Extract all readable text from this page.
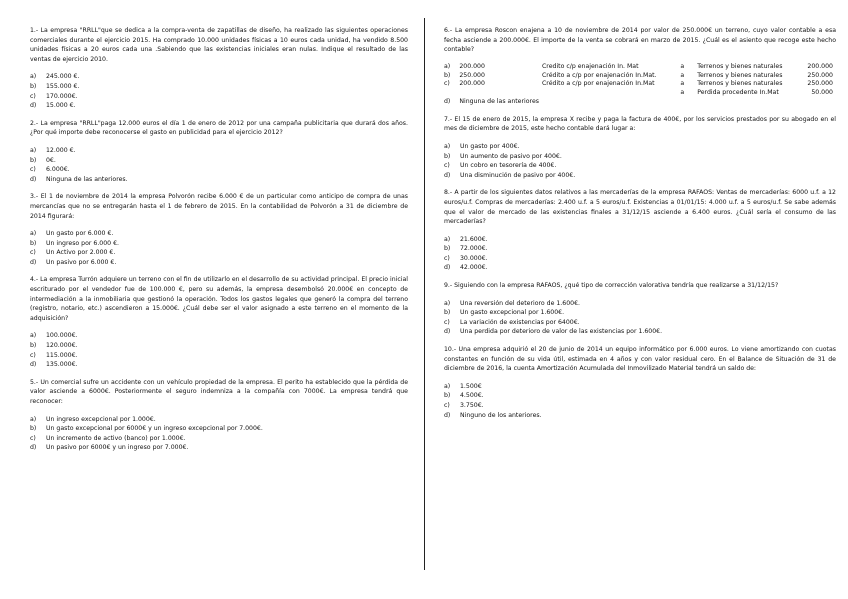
1.- La empresa "RRLL"que se dedica a la compra-venta de zapatillas de diseño, ha realizado las siguientes operaciones comerciales durante el ejercicio 2015. Ha comprado 10.000 unidades físicas a 10 euros cada unidad, ha vendido 8.500 unidades físicas a 20 euros cada una .Sabiendo que las existencias iniciales eran nulas. Indique el resultado de las ventas de ejercicio 2010.
a)	245.000 €.
b)	155.000 €.
c)	170.000€.
d)	15.000 €.
2.- La empresa "RRLL"paga 12.000 euros el día 1 de enero de 2012 por una campaña publicitaria que durará dos años. ¿Por qué importe debe reconocerse el gasto en publicidad para el ejercicio 2012?
a)	12.000 €.
b)	0€.
c)	6.000€.
d)	Ninguna de las anteriores.
3.- El 1 de noviembre de 2014 la empresa Polvorón recibe 6.000 € de un particular como anticipo de compra de unas mercancías que no se entregarán hasta el 1 de febrero de 2015. En la contabilidad de Polvorón a 31 de diciembre de 2014 figurará:
a)	Un gasto por 6.000 €.
b)	Un ingreso por 6.000 €.
c)	Un Activo por 2.000 €.
d)	Un pasivo por 6.000 €.
4.- La empresa Turrón adquiere un terreno con el fin de utilizarlo en el desarrollo de su actividad principal. El precio inicial escriturado por el vendedor fue de 100.000 €, pero su además, la empresa desembolsó 20.000€ en concepto de intermediación a la inmobiliaria que gestionó la operación. Todos los gastos legales que generó la compra del terreno (registro, notario, etc.) ascendieron a 15.000€. ¿Cuál debe ser el valor asignado a este terreno en el momento de la adquisición?
a)	100.000€.
b)	120.000€.
c)	115.000€.
d)	135.000€.
5.- Un comercial sufre un accidente con un vehículo propiedad de la empresa. El perito ha establecido que la pérdida de valor asciende a 6000€. Posteriormente el seguro indemniza a la compañía con 7000€. La empresa tendrá que reconocer:
a)	Un ingreso excepcional por 1.000€.
b)	Un gasto excepcional por 6000€ y un ingreso excepcional por 7.000€.
c)	Un incremento de activo (banco) por 1.000€.
d)	Un pasivo por 6000€ y un ingreso por 7.000€.
6.- La empresa Roscon enajena a 10 de noviembre de 2014 por valor de 250.000€ un terreno, cuyo valor contable a esa fecha asciende a 200.000€. El importe de la venta se cobrará en marzo de 2015. ¿Cuál es el asiento que recoge este hecho contable?
a)	200.000	Credito c/p enajenación In. Mat	a	Terrenos y bienes naturales	200.000
b)	250.000	Crédito a c/p por enajenación In.Mat.	a	Terrenos y bienes naturales	250.000
c)	200.000	Crédito a c/p por enajenación In.Mat	a	Terrenos y bienes naturales	250.000
			a	Perdida procedente In.Mat	50.000
d)	Ninguna de las anteriores				
7.- El 15 de enero de 2015, la empresa X recibe y paga la factura de 400€, por los servicios prestados por su abogado en el mes de diciembre de 2015, este hecho contable dará lugar a:
a)	Un gasto por 400€.
b)	Un aumento de pasivo por 400€.
c)	Un cobro en tesorería de 400€.
d)	Una disminución de pasivo por 400€.
8.- A partir de los siguientes datos relativos a las mercaderías de la empresa RAFAOS: Ventas de mercaderías: 6000 u.f. a 12 euros/u.f. Compras de mercaderías: 2.400 u.f. a 5 euros/u.f. Existencias a 01/01/15: 4.000 u.f. a 5 euros/u.f. Se sabe además que el valor de mercado de las existencias finales a 31/12/15 asciende a 6.400 euros. ¿Cuál sería el consumo de las mercaderías?
a)	21.600€.
b)	72.000€.
c)	30.000€.
d)	42.000€.
9.- Siguiendo con la empresa RAFAOS, ¿qué tipo de corrección valorativa tendría que realizarse a 31/12/15?
a)	Una reversión del deterioro de 1.600€.
b)	Un gasto excepcional por 1.600€.
c)	La variación de existencias por 6400€.
d)	Una perdida por deterioro de valor de las existencias por 1.600€.
10.- Una empresa adquirió el 20 de junio de 2014 un equipo informático por 6.000 euros. Lo viene amortizando con cuotas constantes en función de su vida útil, estimada en 4 años y con valor residual cero. En el Balance de Situación de 31 de diciembre de 2016, la cuenta Amortización Acumulada del Inmovilizado Material tendrá un saldo de:
a)	1.500€
b)	4.500€.
c)	3.750€.
d)	Ninguno de los anteriores.
